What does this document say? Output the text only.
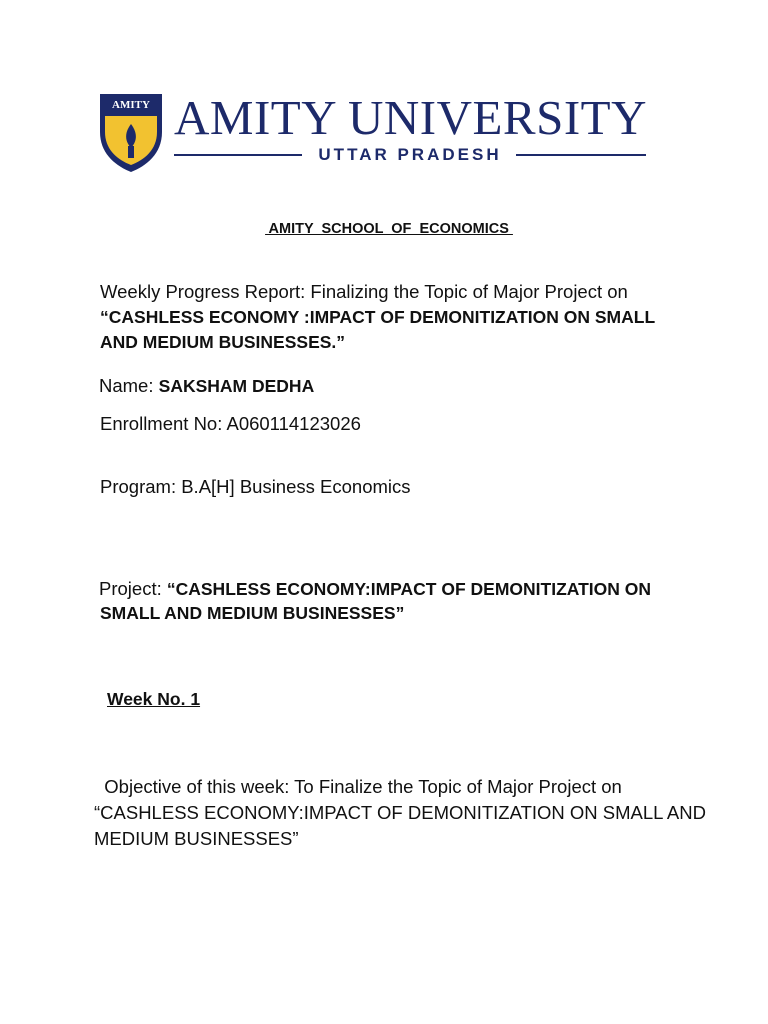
AMITY AMITY UNIVERSITY
UTTAR PRADESH
AMITY  SCHOOL  OF  ECONOMICS
Weekly Progress Report: Finalizing the Topic of Major Project on
“CASHLESS ECONOMY :IMPACT OF DEMONITIZATION ON SMALL
AND MEDIUM BUSINESSES.”
Name: SAKSHAM DEDHA
Enrollment No: A060114123026
Program: B.A[H] Business Economics
Project: “CASHLESS ECONOMY:IMPACT OF DEMONITIZATION ON
SMALL AND MEDIUM BUSINESSES”
Week No. 1
Objective of this week: To Finalize the Topic of Major Project on
“CASHLESS ECONOMY:IMPACT OF DEMONITIZATION ON SMALL AND
MEDIUM BUSINESSES”
